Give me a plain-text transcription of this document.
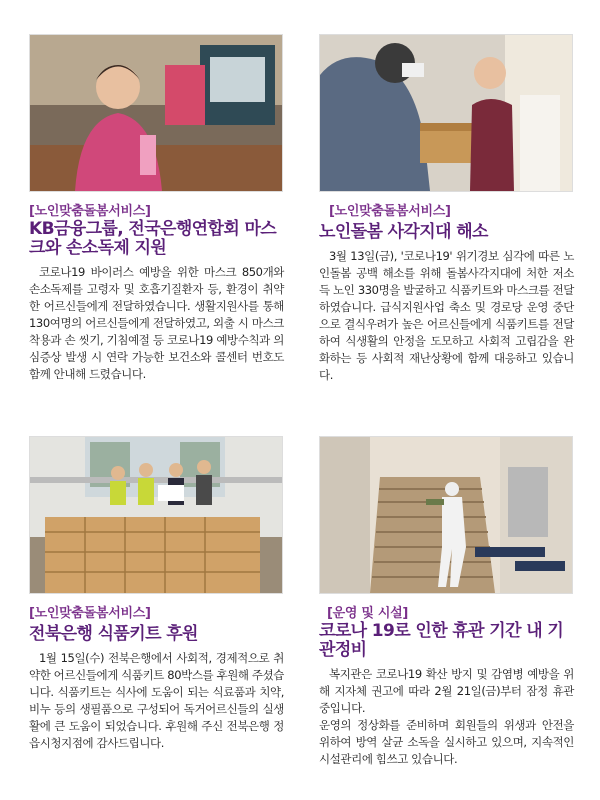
[노인맞춤돌봄서비스]
KB금융그룹, 전국은행연합회 마스크와 손소독제 지원

코로나19 바이러스 예방을 위한 마스크 850개와 손소독제를 고령자 및 호흡기질환자 등, 환경이 취약한 어르신들에게 전달하였습니다. 생활지원사를 통해 130여명의 어르신들에게 전달하였고, 외출 시 마스크 착용과 손 씻기, 기침예절 등 코로나19 예방수칙과 의심증상 발생 시 연락 가능한 보건소와 콜센터 번호도 함께 안내해 드렸습니다.

[노인맞춤돌봄서비스]
노인돌봄 사각지대 해소

3월 13일(금), '코로나19' 위기경보 심각에 따른 노인돌봄 공백 해소를 위해 돌봄사각지대에 처한 저소득 노인 330명을 발굴하고 식품키트와 마스크를 전달하였습니다. 급식지원사업 축소 및 경로당 운영 중단으로 결식우려가 높은 어르신들에게 식품키트를 전달하여 식생활의 안정을 도모하고 사회적 고립감을 완화하는 등 사회적 재난상황에 함께 대응하고 있습니다.

[노인맞춤돌봄서비스]
전북은행 식품키트 후원

1월 15일(수) 전북은행에서 사회적, 경제적으로 취약한 어르신들에게 식품키트 80박스를 후원해 주셨습니다. 식품키트는 식사에 도움이 되는 식료품과 치약, 비누 등의 생필품으로 구성되어 독거어르신들의 실생활에 큰 도움이 되었습니다. 후원해 주신 전북은행 정읍시청지점에 감사드립니다.

[운영 및 시설]
코로나 19로 인한 휴관 기간 내 기관정비

복지관은 코로나19 확산 방지 및 감염병 예방을 위해 지자체 권고에 따라 2월 21일(금)부터 잠정 휴관 중입니다.

운영의 정상화를 준비하며 회원들의 위생과 안전을 위하여 방역 살균 소독을 실시하고 있으며, 지속적인 시설관리에 힘쓰고 있습니다.
